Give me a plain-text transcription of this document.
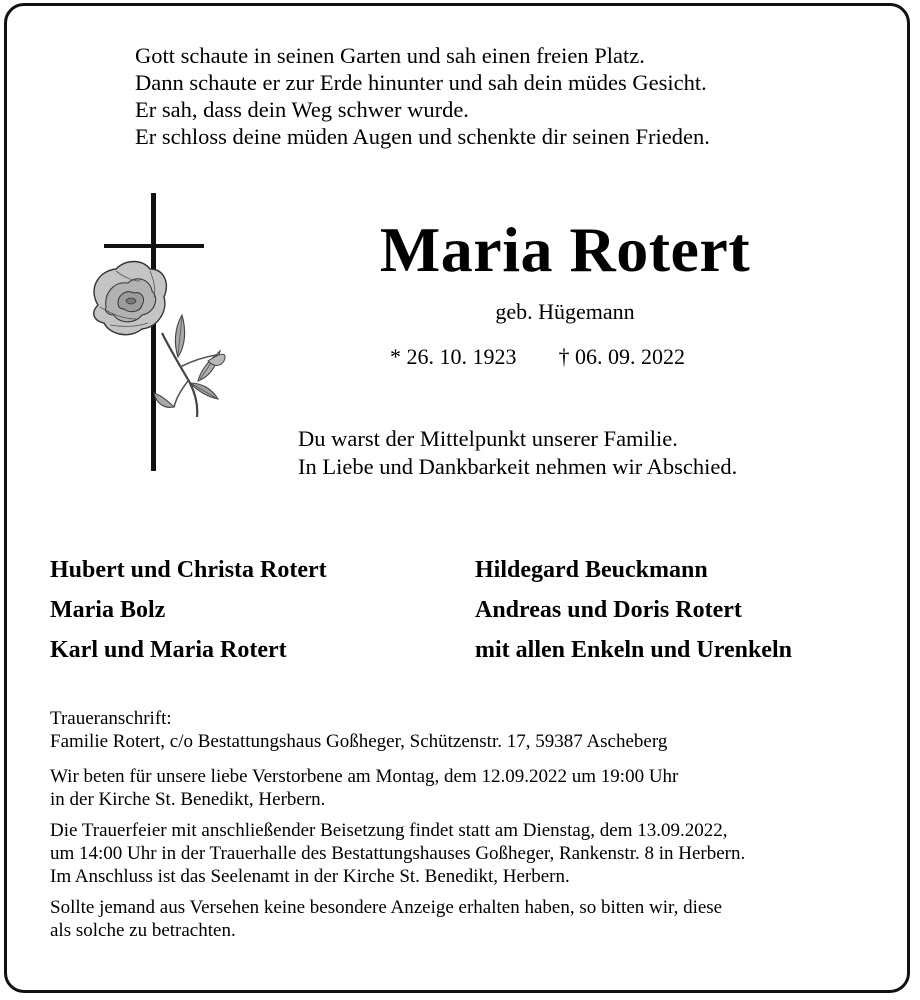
Gott schaute in seinen Garten und sah einen freien Platz.
Dann schaute er zur Erde hinunter und sah dein müdes Gesicht.
Er sah, dass dein Weg schwer wurde.
Er schloss deine müden Augen und schenkte dir seinen Frieden.
Maria Rotert
geb. Hügemann
* 26. 10. 1923 † 06. 09. 2022
Du warst der Mittelpunkt unserer Familie.
In Liebe und Dankbarkeit nehmen wir Abschied.
Hubert und Christa Rotert
Maria Bolz
Karl und Maria Rotert
Hildegard Beuckmann
Andreas und Doris Rotert
mit allen Enkeln und Urenkeln

Traueranschrift:
Familie Rotert, c/o Bestattungshaus Goßheger, Schützenstr. 17, 59387 Ascheberg

Wir beten für unsere liebe Verstorbene am Montag, dem 12.09.2022 um 19:00 Uhr
in der Kirche St. Benedikt, Herbern.

Die Trauerfeier mit anschließender Beisetzung findet statt am Dienstag, dem 13.09.2022,
um 14:00 Uhr in der Trauerhalle des Bestattungshauses Goßheger, Rankenstr. 8 in Herbern.
Im Anschluss ist das Seelenamt in der Kirche St. Benedikt, Herbern.

Sollte jemand aus Versehen keine besondere Anzeige erhalten haben, so bitten wir, diese
als solche zu betrachten.
